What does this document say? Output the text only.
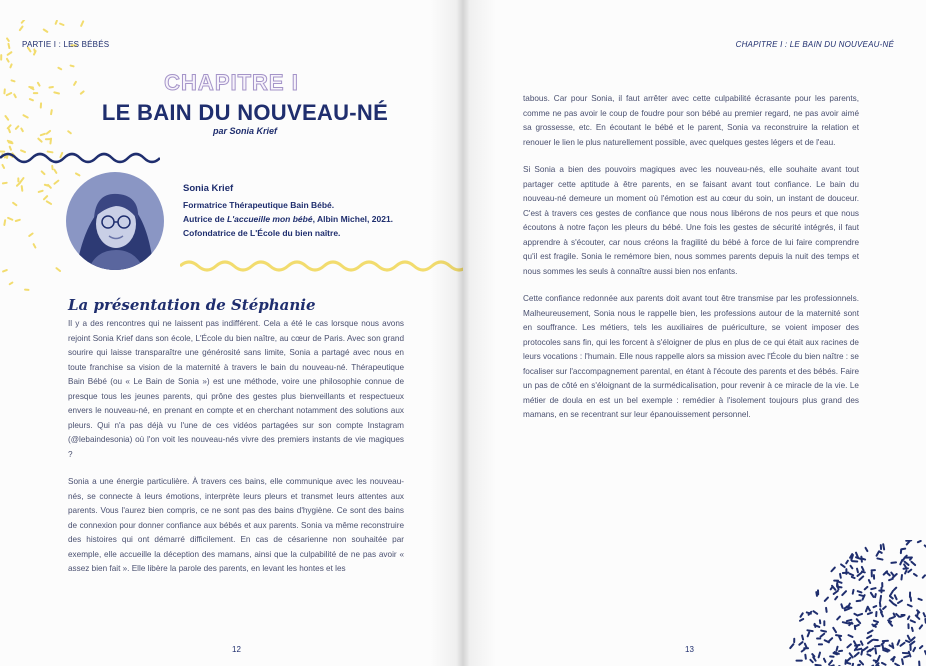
PARTIE I : LES BÉBÉS
CHAPITRE I
LE BAIN DU NOUVEAU-NÉ
par Sonia Krief

Sonia Krief

Formatrice Thérapeutique Bain Bébé.

Autrice de L'accueille mon bébé, Albin Michel, 2021.

Cofondatrice de L'École du bien naître.

La présentation de Stéphanie

Il y a des rencontres qui ne laissent pas indifférent. Cela a été le cas lorsque nous avons rejoint Sonia Krief dans son école, L'École du bien naître, au cœur de Paris. Avec son grand sourire qui laisse transparaître une générosité sans limite, Sonia a partagé avec nous en toute franchise sa vision de la maternité à travers le bain du nouveau-né. Thérapeutique Bain Bébé (ou « Le Bain de Sonia ») est une méthode, voire une philosophie connue de presque tous les jeunes parents, qui prône des gestes plus bienveillants et respectueux envers le nouveau-né, en prenant en compte et en cherchant notamment des solutions aux pleurs. Qui n'a pas déjà vu l'une de ces vidéos partagées sur son compte Instagram (@lebaindesonia) où l'on voit les nouveau-nés vivre des premiers instants de vie magiques ?

Sonia a une énergie particulière. À travers ces bains, elle communique avec les nouveau-nés, se connecte à leurs émotions, interprète leurs pleurs et transmet leurs attentes aux parents. Vous l'aurez bien compris, ce ne sont pas des bains d'hygiène. Ce sont des bains de connexion pour donner confiance aux bébés et aux parents. Sonia va même reconstruire des histoires qui ont démarré difficilement. En cas de césarienne non souhaitée par exemple, elle accueille la déception des mamans, ainsi que la culpabilité de ne pas avoir « assez bien fait ». Elle libère la parole des parents, en levant les hontes et les

12
CHAPITRE I : LE BAIN DU NOUVEAU-NÉ

tabous. Car pour Sonia, il faut arrêter avec cette culpabilité écrasante pour les parents, comme ne pas avoir le coup de foudre pour son bébé au premier regard, ne pas avoir aimé sa grossesse, etc. En écoutant le bébé et le parent, Sonia va reconstruire la relation et renouer le lien le plus naturellement possible, avec quelques gestes légers et de l'eau.

Si Sonia a bien des pouvoirs magiques avec les nouveau-nés, elle souhaite avant tout partager cette aptitude à être parents, en se faisant avant tout confiance. Le bain du nouveau-né demeure un moment où l'émotion est au cœur du soin, un instant de douceur. C'est à travers ces gestes de confiance que nous nous libérons de nos peurs et que nous écoutons à notre façon les pleurs du bébé. Une fois les gestes de sécurité intégrés, il faut apprendre à s'écouter, car nous créons la fragilité du bébé à force de lui faire comprendre qu'il est fragile. Sonia le remémore bien, nous sommes parents depuis la nuit des temps et nous sommes les seuls à connaître aussi bien nos enfants.

Cette confiance redonnée aux parents doit avant tout être transmise par les professionnels. Malheureusement, Sonia nous le rappelle bien, les professions autour de la maternité sont en souffrance. Les métiers, tels les auxiliaires de puériculture, se voient imposer des protocoles sans fin, qui les forcent à s'éloigner de plus en plus de ce qui était aux racines de leurs vocations : l'humain. Elle nous rappelle alors sa mission avec l'École du bien naître : se focaliser sur l'accompagnement parental, en étant à l'écoute des parents et des bébés. Faire un pas de côté en s'éloignant de la surmédicalisation, pour revenir à ce miracle de la vie. Le métier de doula en est un bel exemple : remédier à l'isolement toujours plus grand des mamans, en se recentrant sur leur épanouissement personnel.

13
